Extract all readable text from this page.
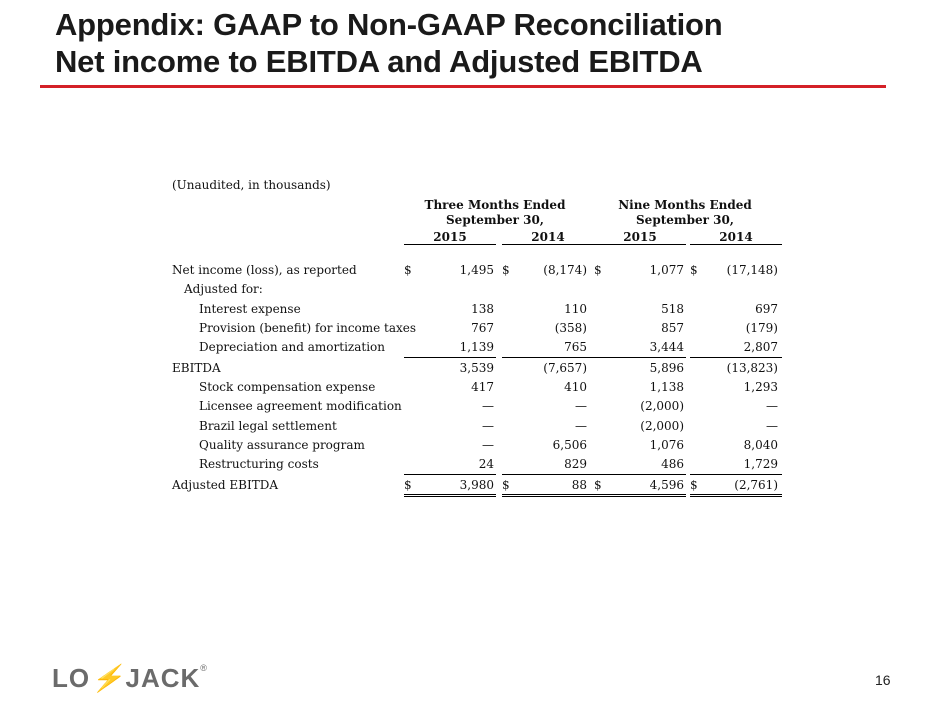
Appendix: GAAP to Non-GAAP Reconciliation
Net income to EBITDA and Adjusted EBITDA
(Unaudited, in thousands)
Three Months Ended
September 30,
Nine Months Ended
September 30,
2015	2014	2015	2014
Net income (loss), as reported	$	1,495 $	(8,174) $	1,077 $	(17,148)
Adjusted for:
Interest expense	138	110	518	697
Provision (benefit) for income taxes	767	(358)	857	(179)
Depreciation and amortization	1,139	765	3,444	2,807
EBITDA	3,539	(7,657)	5,896	(13,823)
Stock compensation expense	417	410	1,138	1,293
Licensee agreement modification	—	—	(2,000)	—
Brazil legal settlement	—	—	(2,000)	—
Quality assurance program	—	6,506	1,076	8,040
Restructuring costs	24	829	486	1,729
Adjusted EBITDA	$	3,980 $	88 $	4,596 $	(2,761)
LO⚡JACK®
16
